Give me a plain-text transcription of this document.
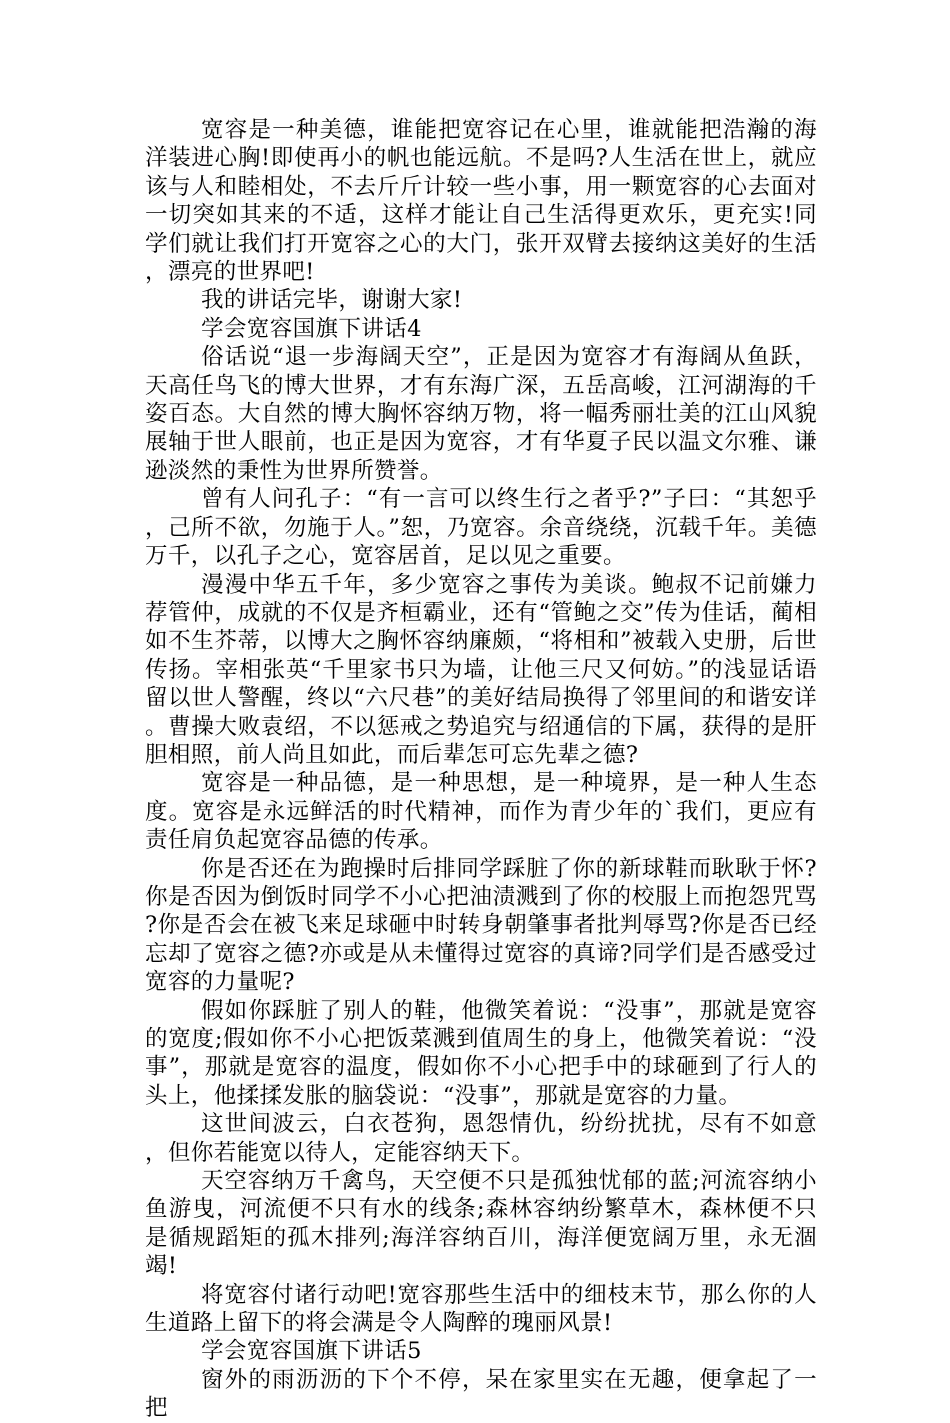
宽容是一种美德，谁能把宽容记在心里，谁就能把浩瀚的海洋装进心胸!即使再小的帆也能远航。不是吗?人生活在世上，就应该与人和睦相处，不去斤斤计较一些小事，用一颗宽容的心去面对一切突如其来的不适，这样才能让自己生活得更欢乐，更充实!同学们就让我们打开宽容之心的大门，张开双臂去接纳这美好的生活，漂亮的世界吧!

我的讲话完毕，谢谢大家!

学会宽容国旗下讲话4

俗话说“退一步海阔天空”，正是因为宽容才有海阔从鱼跃，天高任鸟飞的博大世界，才有东海广深，五岳高峻，江河湖海的千姿百态。大自然的博大胸怀容纳万物，将一幅秀丽壮美的江山风貌展轴于世人眼前，也正是因为宽容，才有华夏子民以温文尔雅、谦逊淡然的秉性为世界所赞誉。

曾有人问孔子：“有一言可以终生行之者乎?”子曰：“其恕乎，己所不欲，勿施于人。”恕，乃宽容。余音绕绕，沉载千年。美德万千，以孔子之心，宽容居首，足以见之重要。

漫漫中华五千年，多少宽容之事传为美谈。鲍叔不记前嫌力荐管仲，成就的不仅是齐桓霸业，还有“管鲍之交”传为佳话，蔺相如不生芥蒂，以博大之胸怀容纳廉颇，“将相和”被载入史册，后世传扬。宰相张英“千里家书只为墙，让他三尺又何妨。”的浅显话语留以世人警醒，终以“六尺巷”的美好结局换得了邻里间的和谐安详。曹操大败袁绍，不以惩戒之势追究与绍通信的下属，获得的是肝胆相照，前人尚且如此，而后辈怎可忘先辈之德?

宽容是一种品德，是一种思想，是一种境界，是一种人生态度。宽容是永远鲜活的时代精神，而作为青少年的`我们，更应有责任肩负起宽容品德的传承。

你是否还在为跑操时后排同学踩脏了你的新球鞋而耿耿于怀?你是否因为倒饭时同学不小心把油渍溅到了你的校服上而抱怨咒骂?你是否会在被飞来足球砸中时转身朝肇事者批判辱骂?你是否已经忘却了宽容之德?亦或是从未懂得过宽容的真谛?同学们是否感受过宽容的力量呢?

假如你踩脏了别人的鞋，他微笑着说：“没事”，那就是宽容的宽度;假如你不小心把饭菜溅到值周生的身上，他微笑着说：“没事”，那就是宽容的温度，假如你不小心把手中的球砸到了行人的头上，他揉揉发胀的脑袋说：“没事”，那就是宽容的力量。

这世间波云，白衣苍狗，恩怨情仇，纷纷扰扰，尽有不如意，但你若能宽以待人，定能容纳天下。

天空容纳万千禽鸟，天空便不只是孤独忧郁的蓝;河流容纳小鱼游曳，河流便不只有水的线条;森林容纳纷繁草木，森林便不只是循规蹈矩的孤木排列;海洋容纳百川，海洋便宽阔万里，永无涸竭!

将宽容付诸行动吧!宽容那些生活中的细枝末节，那么你的人生道路上留下的将会满是令人陶醉的瑰丽风景!

学会宽容国旗下讲话5

窗外的雨沥沥的下个不停，呆在家里实在无趣，便拿起了一把
